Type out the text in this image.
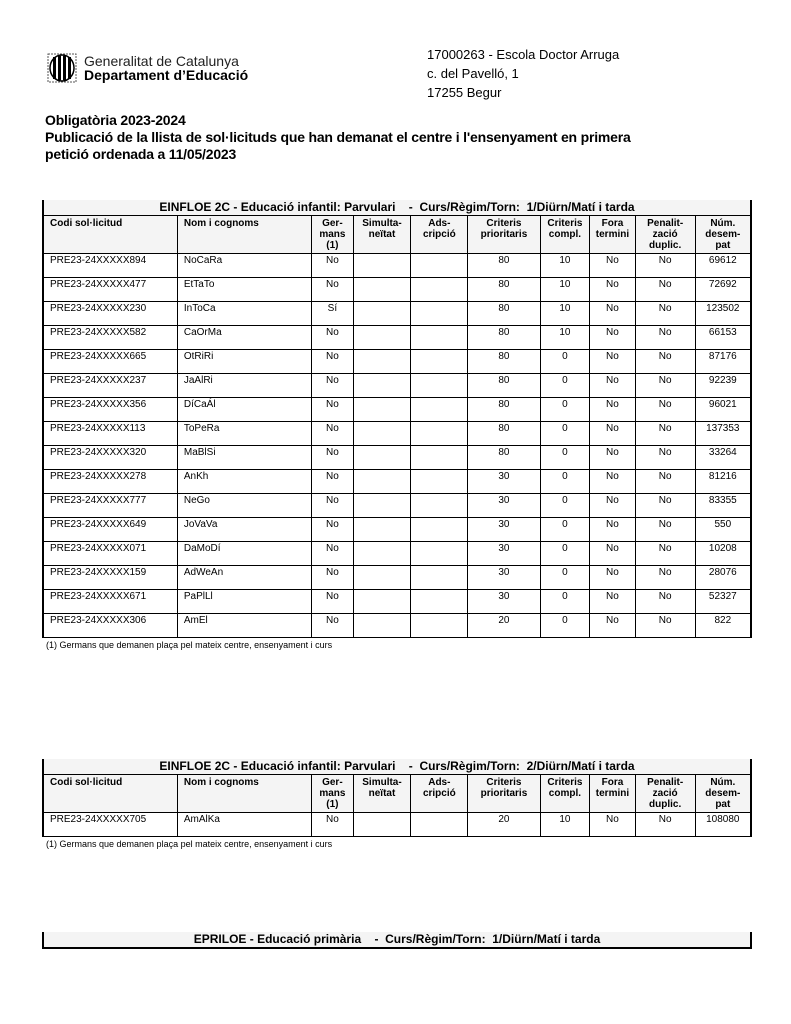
Generalitat de Catalunya
Departament d’Educació
17000263 - Escola Doctor Arruga
c. del Pavelló, 1
17255 Begur
Obligatòria 2023-2024
Publicació de la llista de sol·licituds que han demanat el centre i l'ensenyament en primera
petició ordenada a 11/05/2023
EINFLOE 2C - Educació infantil: Parvulari    -  Curs/Règim/Torn:  1/Diürn/Matí i tarda
Codi sol·licitud	Nom i cognoms	Ger-
mans
(1)

Simulta-
neïtat

Ads-
cripció

Criteris
prioritaris

Criteris
compl.

Fora
termini

Penalit-
zació
duplic.

Núm.
desem-
pat

PRE23-24XXXXX894	NoCaRa	No			80	10	No	No	69612
PRE23-24XXXXX477	EtTaTo	No			80	10	No	No	72692
PRE23-24XXXXX230	InToCa	Sí			80	10	No	No	123502
PRE23-24XXXXX582	CaOrMa	No			80	10	No	No	66153
PRE23-24XXXXX665	OtRiRi	No			80	0	No	No	87176
PRE23-24XXXXX237	JaAlRi	No			80	0	No	No	92239
PRE23-24XXXXX356	DíCaÁl	No			80	0	No	No	96021
PRE23-24XXXXX113	ToPeRa	No			80	0	No	No	137353
PRE23-24XXXXX320	MaBlSi	No			80	0	No	No	33264
PRE23-24XXXXX278	AnKh	No			30	0	No	No	81216
PRE23-24XXXXX777	NeGo	No			30	0	No	No	83355
PRE23-24XXXXX649	JoVaVa	No			30	0	No	No	550
PRE23-24XXXXX071	DaMoDí	No			30	0	No	No	10208
PRE23-24XXXXX159	AdWeAn	No			30	0	No	No	28076
PRE23-24XXXXX671	PaPlLl	No			30	0	No	No	52327
PRE23-24XXXXX306	AmEl	No			20	0	No	No	822
(1) Germans que demanen plaça pel mateix centre, ensenyament i curs
EINFLOE 2C - Educació infantil: Parvulari    -  Curs/Règim/Torn:  2/Diürn/Matí i tarda
Codi sol·licitud	Nom i cognoms	Ger-
mans
(1)

Simulta-
neïtat

Ads-
cripció

Criteris
prioritaris

Criteris
compl.

Fora
termini

Penalit-
zació
duplic.

Núm.
desem-
pat

PRE23-24XXXXX705	AmAlKa	No			20	10	No	No	108080
(1) Germans que demanen plaça pel mateix centre, ensenyament i curs
EPRILOE - Educació primària    -  Curs/Règim/Torn:  1/Diürn/Matí i tarda
